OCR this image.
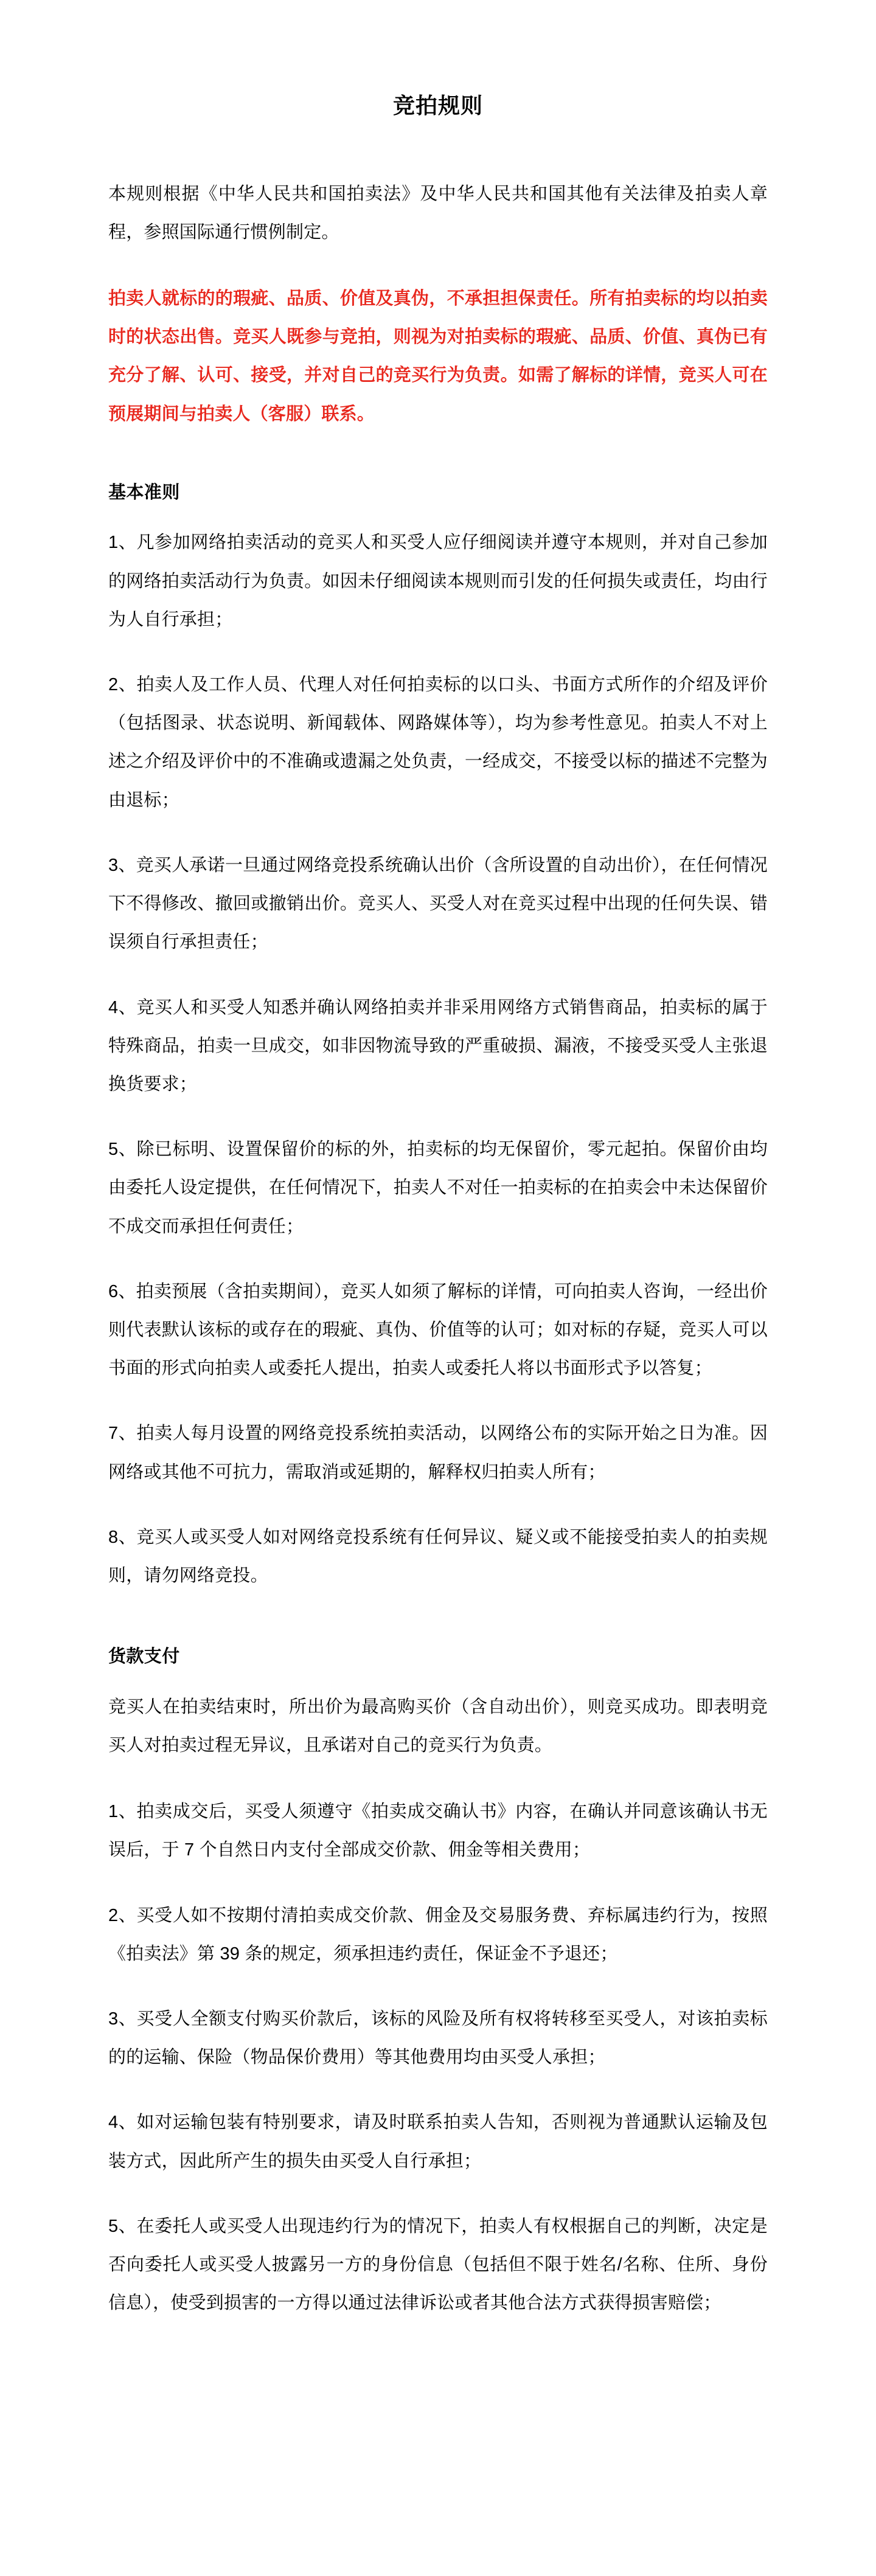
竞拍规则

本规则根据《中华人民共和国拍卖法》及中华人民共和国其他有关法律及拍卖人章程，参照国际通行惯例制定。

拍卖人就标的的瑕疵、品质、价值及真伪，不承担担保责任。所有拍卖标的均以拍卖时的状态出售。竞买人既参与竞拍，则视为对拍卖标的瑕疵、品质、价值、真伪已有充分了解、认可、接受，并对自己的竞买行为负责。如需了解标的详情，竞买人可在预展期间与拍卖人（客服）联系。

基本准则

1、凡参加网络拍卖活动的竞买人和买受人应仔细阅读并遵守本规则，并对自己参加的网络拍卖活动行为负责。如因未仔细阅读本规则而引发的任何损失或责任，均由行为人自行承担；

2、拍卖人及工作人员、代理人对任何拍卖标的以口头、书面方式所作的介绍及评价（包括图录、状态说明、新闻载体、网路媒体等），均为参考性意见。拍卖人不对上述之介绍及评价中的不准确或遗漏之处负责，一经成交，不接受以标的描述不完整为由退标；

3、竞买人承诺一旦通过网络竞投系统确认出价（含所设置的自动出价），在任何情况下不得修改、撤回或撤销出价。竞买人、买受人对在竞买过程中出现的任何失误、错误须自行承担责任；

4、竞买人和买受人知悉并确认网络拍卖并非采用网络方式销售商品，拍卖标的属于特殊商品，拍卖一旦成交，如非因物流导致的严重破损、漏液，不接受买受人主张退换货要求；

5、除已标明、设置保留价的标的外，拍卖标的均无保留价，零元起拍。保留价由均由委托人设定提供，在任何情况下，拍卖人不对任一拍卖标的在拍卖会中未达保留价不成交而承担任何责任；

6、拍卖预展（含拍卖期间），竞买人如须了解标的详情，可向拍卖人咨询，一经出价则代表默认该标的或存在的瑕疵、真伪、价值等的认可；如对标的存疑，竞买人可以书面的形式向拍卖人或委托人提出，拍卖人或委托人将以书面形式予以答复；

7、拍卖人每月设置的网络竞投系统拍卖活动，以网络公布的实际开始之日为准。因网络或其他不可抗力，需取消或延期的，解释权归拍卖人所有；

8、竞买人或买受人如对网络竞投系统有任何异议、疑义或不能接受拍卖人的拍卖规则，请勿网络竞投。

货款支付

竞买人在拍卖结束时，所出价为最高购买价（含自动出价），则竞买成功。即表明竞买人对拍卖过程无异议，且承诺对自己的竞买行为负责。

1、拍卖成交后，买受人须遵守《拍卖成交确认书》内容，在确认并同意该确认书无误后，于 7 个自然日内支付全部成交价款、佣金等相关费用；

2、买受人如不按期付清拍卖成交价款、佣金及交易服务费、弃标属违约行为，按照《拍卖法》第 39 条的规定，须承担违约责任，保证金不予退还；

3、买受人全额支付购买价款后，该标的风险及所有权将转移至买受人，对该拍卖标的的运输、保险（物品保价费用）等其他费用均由买受人承担；

4、如对运输包装有特别要求，请及时联系拍卖人告知，否则视为普通默认运输及包装方式，因此所产生的损失由买受人自行承担；

5、在委托人或买受人出现违约行为的情况下，拍卖人有权根据自己的判断，决定是否向委托人或买受人披露另一方的身份信息（包括但不限于姓名/名称、住所、身份信息），使受到损害的一方得以通过法律诉讼或者其他合法方式获得损害赔偿；
